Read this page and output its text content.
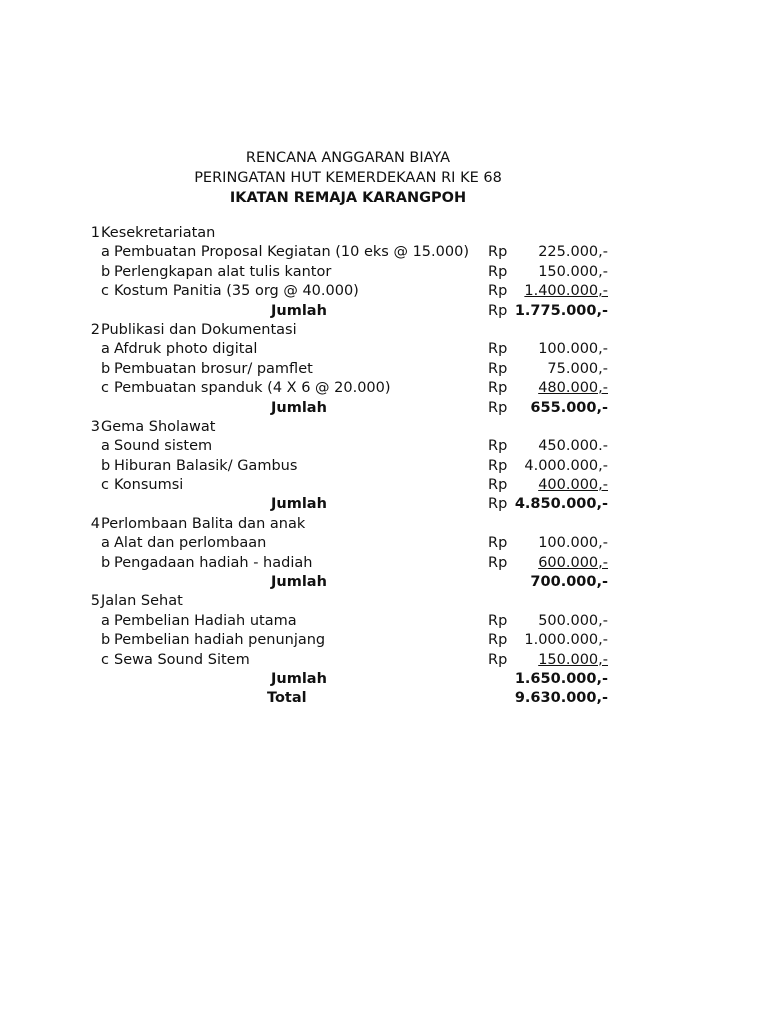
RENCANA ANGGARAN BIAYA
PERINGATAN HUT KEMERDEKAAN RI KE 68
IKATAN REMAJA KARANGPOH
1 Kesekretariatan
a Pembuatan Proposal Kegiatan (10 eks @ 15.000) Rp 225.000,-
b Perlengkapan alat tulis kantor	Rp 150.000,-
c Kostum Panitia (35 org @ 40.000)	Rp 1.400.000,-
Jumlah	Rp 1.775.000,-
2 Publikasi dan Dokumentasi
a Afdruk photo digital	Rp 100.000,-
b Pembuatan brosur/ pamflet	Rp	75.000,-
c Pembuatan spanduk (4 X 6 @ 20.000)	Rp 480.000,-
Jumlah	Rp 655.000,-
3 Gema Sholawat
a Sound sistem	Rp 450.000.-
b Hiburan Balasik/ Gambus	Rp 4.000.000,-
c Konsumsi	Rp 400.000,-
Jumlah	Rp 4.850.000,-
4 Perlombaan Balita dan anak
a Alat dan perlombaan	Rp 100.000,-
b Pengadaan hadiah - hadiah	Rp 600.000,-
Jumlah	700.000,-
5 Jalan Sehat
a Pembelian Hadiah utama	Rp 500.000,-
b Pembelian hadiah penunjang	Rp 1.000.000,-
c Sewa Sound Sitem	Rp 150.000,-
Jumlah	1.650.000,-
Total	9.630.000,-
